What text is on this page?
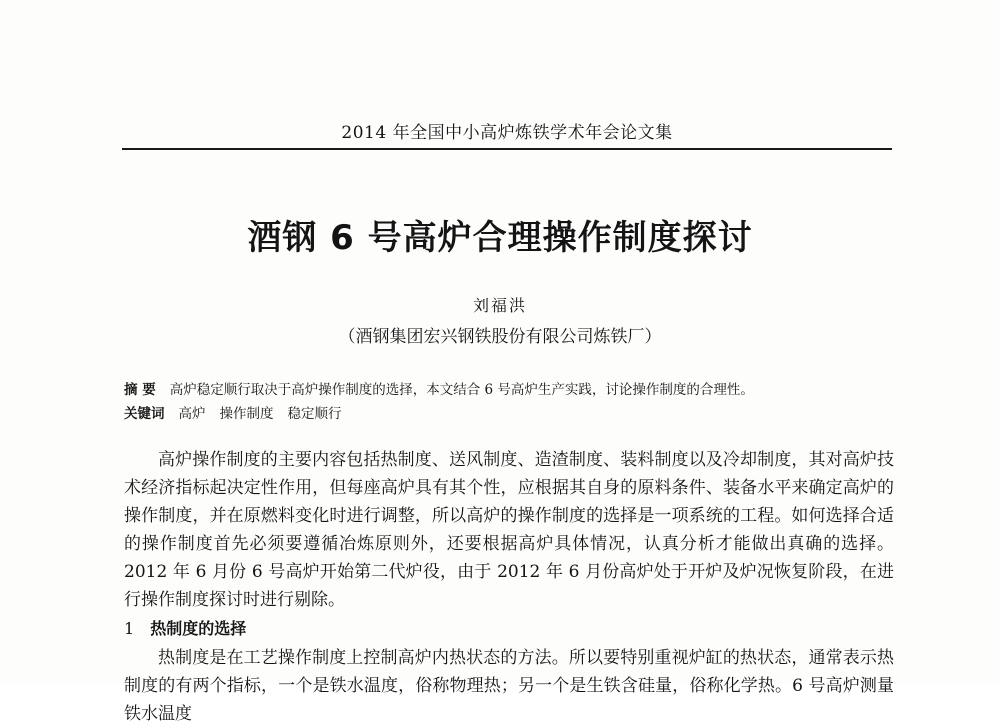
2014 年全国中小高炉炼铁学术年会论文集
酒钢 6 号高炉合理操作制度探讨
刘福洪
（酒钢集团宏兴钢铁股份有限公司炼铁厂）
摘 要 高炉稳定顺行取决于高炉操作制度的选择，本文结合 6 号高炉生产实践，讨论操作制度的合理性。
关键词 高炉 操作制度 稳定顺行

高炉操作制度的主要内容包括热制度、送风制度、造渣制度、装料制度以及冷却制度，其对高炉技术经济指标起决定性作用，但每座高炉具有其个性，应根据其自身的原料条件、装备水平来确定高炉的操作制度，并在原燃料变化时进行调整，所以高炉的操作制度的选择是一项系统的工程。如何选择合适的操作制度首先必须要遵循冶炼原则外，还要根据高炉具体情况，认真分析才能做出真确的选择。2012 年 6 月份 6 号高炉开始第二代炉役，由于 2012 年 6 月份高炉处于开炉及炉况恢复阶段，在进行操作制度探讨时进行剔除。

1 热制度的选择

热制度是在工艺操作制度上控制高炉内热状态的方法。所以要特别重视炉缸的热状态，通常表示热制度的有两个指标，一个是铁水温度，俗称物理热；另一个是生铁含硅量，俗称化学热。6 号高炉测量铁水温度
